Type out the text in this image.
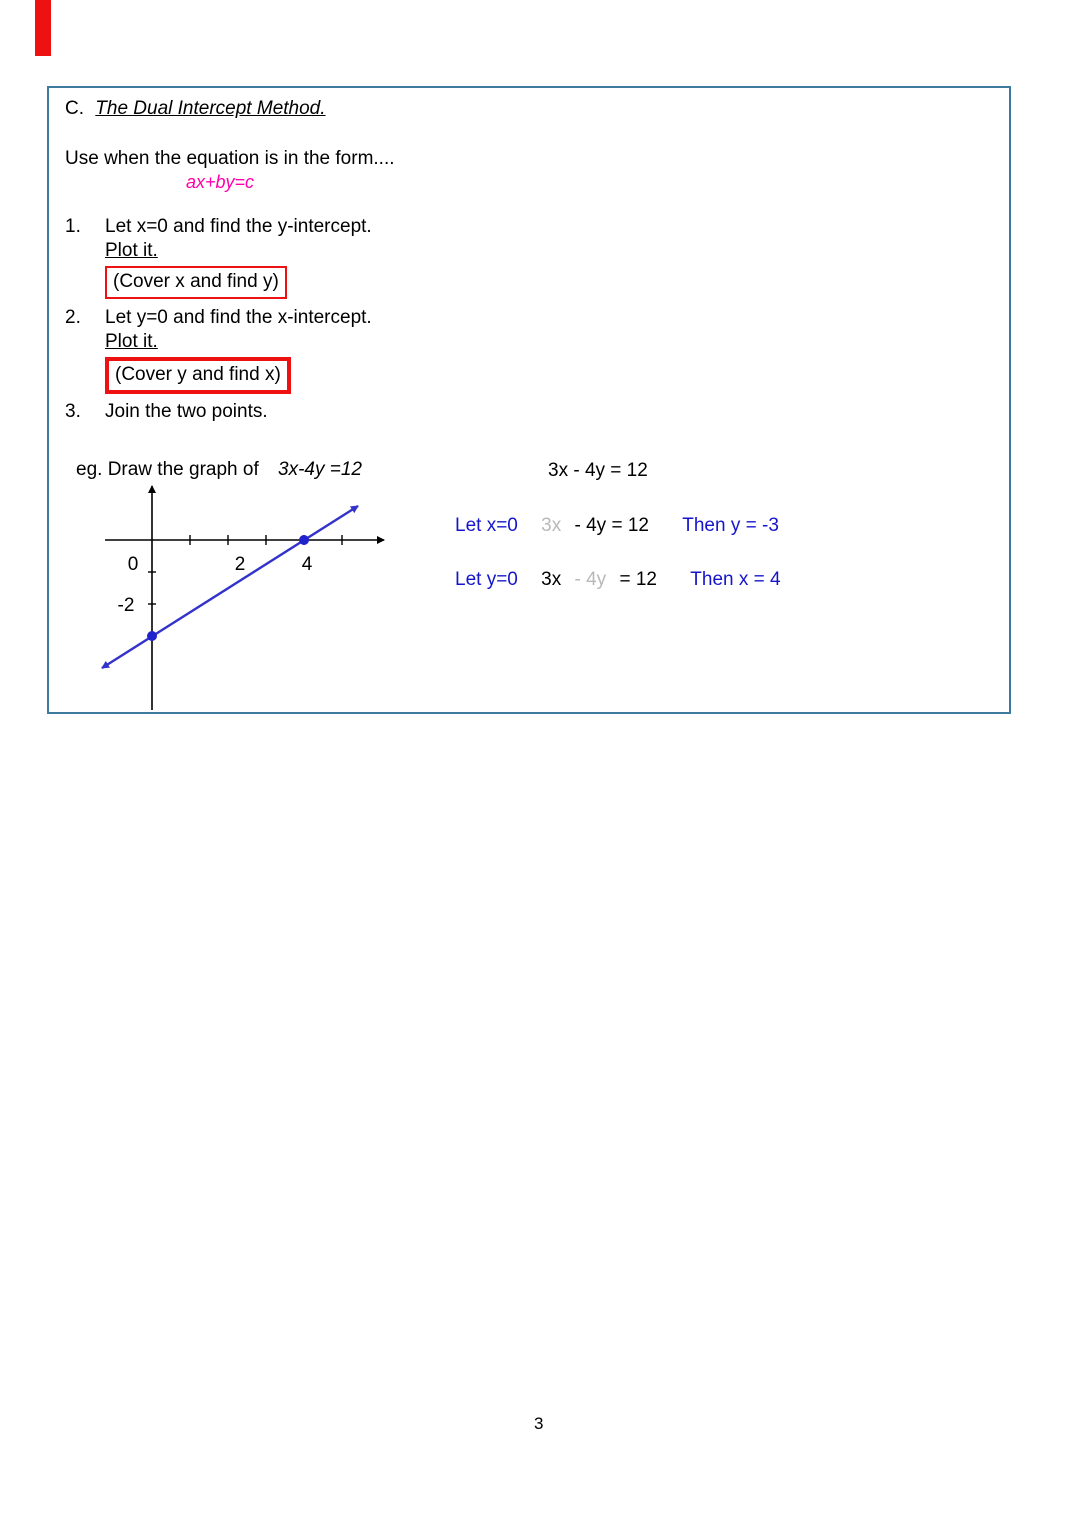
C. The Dual Intercept Method.
Use when the equation is in the form....
ax+by=c
1.	Let x=0 and find the y-intercept.
Plot it.
(Cover x and find y)
2.	Let y=0 and find the x-intercept.
Plot it.
(Cover y and find x)
3.	Join the two points.
eg. Draw the graph of 3x-4y =12
0	2	4
-2
3x - 4y = 12
Let x=0 3x - 4y = 12 Then y = -3
Let y=0 3x - 4y = 12 Then x = 4
3
